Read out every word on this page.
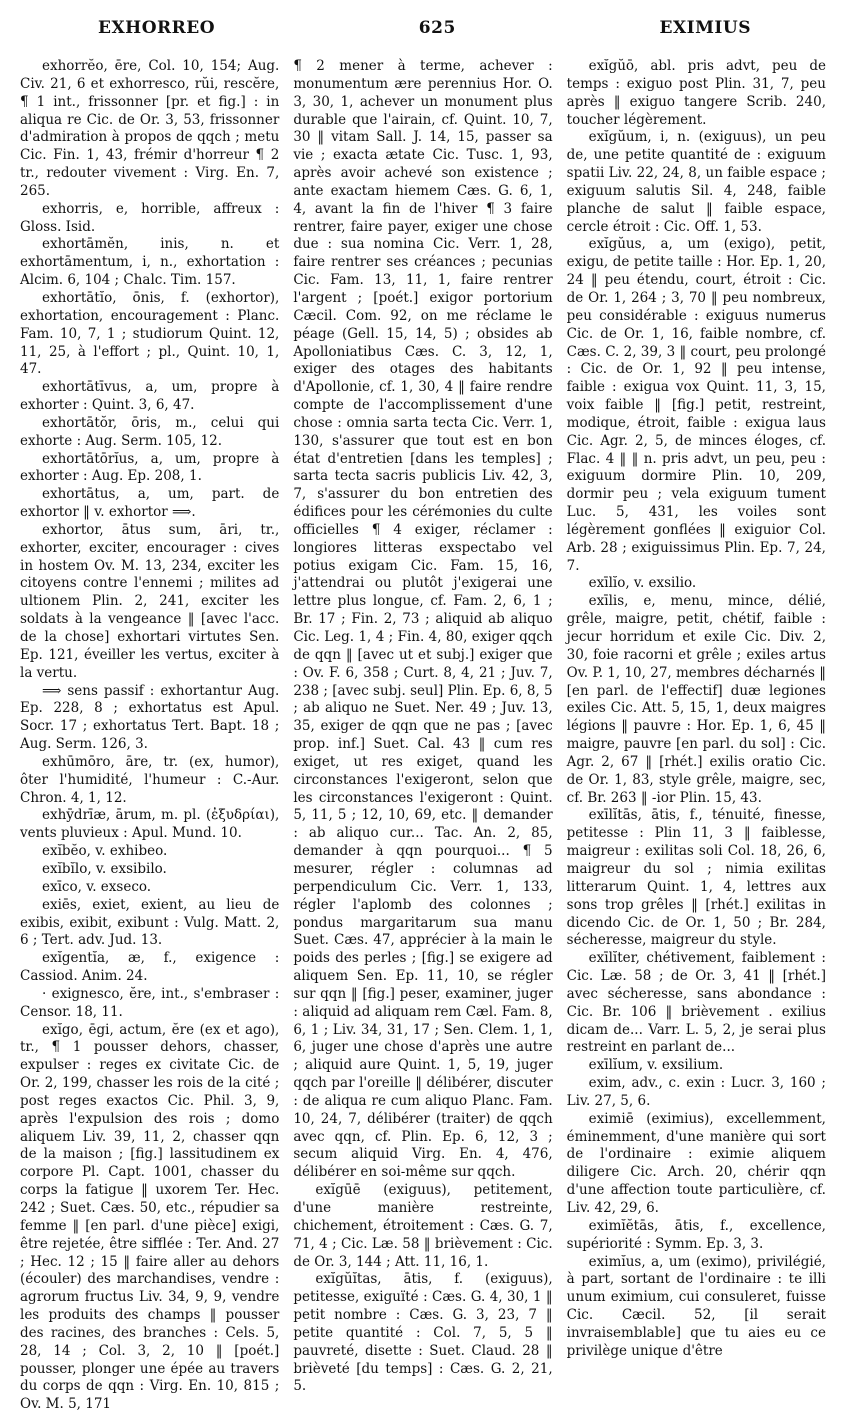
EXHORREO	625	EXIMIUS

exhorrĕo, ēre, Col. 10, 154; Aug. Civ. 21, 6 et exhorresco, rŭi, rescĕre, ¶ 1 int., frissonner [pr. et fig.] : in aliqua re Cic. de Or. 3, 53, frissonner d'admiration à propos de qqch ; metu Cic. Fin. 1, 43, frémir d'horreur ¶ 2 tr., redouter vivement : Virg. En. 7, 265.

exhorris, e, horrible, affreux : Gloss. Isid.

exhortāmĕn, inis, n. et exhortāmentum, i, n., exhortation : Alcim. 6, 104 ; Chalc. Tim. 157.

exhortātĭo, ōnis, f. (exhortor), exhortation, encouragement : Planc. Fam. 10, 7, 1 ; studiorum Quint. 12, 11, 25, à l'effort ; pl., Quint. 10, 1, 47.

exhortātīvus, a, um, propre à exhorter : Quint. 3, 6, 47.

exhortātŏr, ōris, m., celui qui exhorte : Aug. Serm. 105, 12.

exhortātōrĭus, a, um, propre à exhorter : Aug. Ep. 208, 1.

exhortātus, a, um, part. de exhortor ‖ v. exhortor ⟹.

exhortor, ātus sum, āri, tr., exhorter, exciter, encourager : cives in hostem Ov. M. 13, 234, exciter les citoyens contre l'ennemi ; milites ad ultionem Plin. 2, 241, exciter les soldats à la vengeance ‖ [avec l'acc. de la chose] exhortari virtutes Sen. Ep. 121, éveiller les vertus, exciter à la vertu.

⟹ sens passif : exhortantur Aug. Ep. 228, 8 ; exhortatus est Apul. Socr. 17 ; exhortatus Tert. Bapt. 18 ; Aug. Serm. 126, 3.

exhūmōro, āre, tr. (ex, humor), ôter l'humidité, l'humeur : C.-Aur. Chron. 4, 1, 12.

exhȳdrīæ, ārum, m. pl. (ἐξυδρίαι), vents pluvieux : Apul. Mund. 10.

exĭbĕo, v. exhibeo.

exĭbĭlo, v. exsibilo.

exīco, v. exseco.

exiēs, exiet, exient, au lieu de exibis, exibit, exibunt : Vulg. Matt. 2, 6 ; Tert. adv. Jud. 13.

exĭgentĭa, æ, f., exigence : Cassiod. Anim. 24.

· exignesco, ĕre, int., s'embraser : Censor. 18, 11.

exĭgo, ēgi, actum, ĕre (ex et ago), tr., ¶ 1 pousser dehors, chasser, expulser : reges ex civitate Cic. de Or. 2, 199, chasser les rois de la cité ; post reges exactos Cic. Phil. 3, 9, après l'expulsion des rois ; domo aliquem Liv. 39, 11, 2, chasser qqn de la maison ; [fig.] lassitudinem ex corpore Pl. Capt. 1001, chasser du corps la fatigue ‖ uxorem Ter. Hec. 242 ; Suet. Cæs. 50, etc., répudier sa femme ‖ [en parl. d'une pièce] exigi, être rejetée, être sifflée : Ter. And. 27 ; Hec. 12 ; 15 ‖ faire aller au dehors (écouler) des marchandises, vendre : agrorum fructus Liv. 34, 9, 9, vendre les produits des champs ‖ pousser des racines, des branches : Cels. 5, 28, 14 ; Col. 3, 2, 10 ‖ [poét.] pousser, plonger une épée au travers du corps de qqn : Virg. En. 10, 815 ; Ov. M. 5, 171

¶ 2 mener à terme, achever : monumentum ære perennius Hor. O. 3, 30, 1, achever un monument plus durable que l'airain, cf. Quint. 10, 7, 30 ‖ vitam Sall. J. 14, 15, passer sa vie ; exacta ætate Cic. Tusc. 1, 93, après avoir achevé son existence ; ante exactam hiemem Cæs. G. 6, 1, 4, avant la fin de l'hiver ¶ 3 faire rentrer, faire payer, exiger une chose due : sua nomina Cic. Verr. 1, 28, faire rentrer ses créances ; pecunias Cic. Fam. 13, 11, 1, faire rentrer l'argent ; [poét.] exigor portorium Cæcil. Com. 92, on me réclame le péage (Gell. 15, 14, 5) ; obsides ab Apolloniatibus Cæs. C. 3, 12, 1, exiger des otages des habitants d'Apollonie, cf. 1, 30, 4 ‖ faire rendre compte de l'accomplissement d'une chose : omnia sarta tecta Cic. Verr. 1, 130, s'assurer que tout est en bon état d'entretien [dans les temples] ; sarta tecta sacris publicis Liv. 42, 3, 7, s'assurer du bon entretien des édifices pour les cérémonies du culte officielles ¶ 4 exiger, réclamer : longiores litteras exspectabo vel potius exigam Cic. Fam. 15, 16, j'attendrai ou plutôt j'exigerai une lettre plus longue, cf. Fam. 2, 6, 1 ; Br. 17 ; Fin. 2, 73 ; aliquid ab aliquo Cic. Leg. 1, 4 ; Fin. 4, 80, exiger qqch de qqn ‖ [avec ut et subj.] exiger que : Ov. F. 6, 358 ; Curt. 8, 4, 21 ; Juv. 7, 238 ; [avec subj. seul] Plin. Ep. 6, 8, 5 ; ab aliquo ne Suet. Ner. 49 ; Juv. 13, 35, exiger de qqn que ne pas ; [avec prop. inf.] Suet. Cal. 43 ‖ cum res exiget, ut res exiget, quand les circonstances l'exigeront, selon que les circonstances l'exigeront : Quint. 5, 11, 5 ; 12, 10, 69, etc. ‖ demander : ab aliquo cur... Tac. An. 2, 85, demander à qqn pourquoi... ¶ 5 mesurer, régler : columnas ad perpendiculum Cic. Verr. 1, 133, régler l'aplomb des colonnes ; pondus margaritarum sua manu Suet. Cæs. 47, apprécier à la main le poids des perles ; [fig.] se exigere ad aliquem Sen. Ep. 11, 10, se régler sur qqn ‖ [fig.] peser, examiner, juger : aliquid ad aliquam rem Cæl. Fam. 8, 6, 1 ; Liv. 34, 31, 17 ; Sen. Clem. 1, 1, 6, juger une chose d'après une autre ; aliquid aure Quint. 1, 5, 19, juger qqch par l'oreille ‖ délibérer, discuter : de aliqua re cum aliquo Planc. Fam. 10, 24, 7, délibérer (traiter) de qqch avec qqn, cf. Plin. Ep. 6, 12, 3 ; secum aliquid Virg. En. 4, 476, délibérer en soi-même sur qqch.

exĭgūē (exiguus), petitement, d'une manière restreinte, chichement, étroitement : Cæs. G. 7, 71, 4 ; Cic. Læ. 58 ‖ brièvement : Cic. de Or. 3, 144 ; Att. 11, 16, 1.

exĭgŭĭtas, ātis, f. (exiguus), petitesse, exiguïté : Cæs. G. 4, 30, 1 ‖ petit nombre : Cæs. G. 3, 23, 7 ‖ petite quantité : Col. 7, 5, 5 ‖ pauvreté, disette : Suet. Claud. 28 ‖ brièveté [du temps] : Cæs. G. 2, 21, 5.

exĭgŭō, abl. pris advt, peu de temps : exiguo post Plin. 31, 7, peu après ‖ exiguo tangere Scrib. 240, toucher légèrement.

exĭgŭum, i, n. (exiguus), un peu de, une petite quantité de : exiguum spatii Liv. 22, 24, 8, un faible espace ; exiguum salutis Sil. 4, 248, faible planche de salut ‖ faible espace, cercle étroit : Cic. Off. 1, 53.

exĭgŭus, a, um (exigo), petit, exigu, de petite taille : Hor. Ep. 1, 20, 24 ‖ peu étendu, court, étroit : Cic. de Or. 1, 264 ; 3, 70 ‖ peu nombreux, peu considérable : exiguus numerus Cic. de Or. 1, 16, faible nombre, cf. Cæs. C. 2, 39, 3 ‖ court, peu prolongé : Cic. de Or. 1, 92 ‖ peu intense, faible : exigua vox Quint. 11, 3, 15, voix faible ‖ [fig.] petit, restreint, modique, étroit, faible : exigua laus Cic. Agr. 2, 5, de minces éloges, cf. Flac. 4 ‖ ‖ n. pris advt, un peu, peu : exiguum dormire Plin. 10, 209, dormir peu ; vela exiguum tument Luc. 5, 431, les voiles sont légèrement gonflées ‖ exiguior Col. Arb. 28 ; exiguissimus Plin. Ep. 7, 24, 7.

exīlĭo, v. exsilio.

exīlis, e, menu, mince, délié, grêle, maigre, petit, chétif, faible : jecur horridum et exile Cic. Div. 2, 30, foie racorni et grêle ; exiles artus Ov. P. 1, 10, 27, membres décharnés ‖ [en parl. de l'effectif] duæ legiones exiles Cic. Att. 5, 15, 1, deux maigres légions ‖ pauvre : Hor. Ep. 1, 6, 45 ‖ maigre, pauvre [en parl. du sol] : Cic. Agr. 2, 67 ‖ [rhét.] exilis oratio Cic. de Or. 1, 83, style grêle, maigre, sec, cf. Br. 263 ‖ -ior Plin. 15, 43.

exīlĭtās, ātis, f., ténuité, finesse, petitesse : Plin 11, 3 ‖ faiblesse, maigreur : exilitas soli Col. 18, 26, 6, maigreur du sol ; nimia exilitas litterarum Quint. 1, 4, lettres aux sons trop grêles ‖ [rhét.] exilitas in dicendo Cic. de Or. 1, 50 ; Br. 284, sécheresse, maigreur du style.

exīlĭter, chétivement, faiblement : Cic. Læ. 58 ; de Or. 3, 41 ‖ [rhét.] avec sécheresse, sans abondance : Cic. Br. 106 ‖ brièvement . exilius dicam de... Varr. L. 5, 2, je serai plus restreint en parlant de...

exīlĭum, v. exsilium.

exim, adv., c. exin : Lucr. 3, 160 ; Liv. 27, 5, 6.

eximiē (eximius), excellemment, éminemment, d'une manière qui sort de l'ordinaire : eximie aliquem diligere Cic. Arch. 20, chérir qqn d'une affection toute particulière, cf. Liv. 42, 29, 6.

eximĭĕtās, ātis, f., excellence, supériorité : Symm. Ep. 3, 3.

eximĭus, a, um (eximo), privilégié, à part, sortant de l'ordinaire : te illi unum eximium, cui consuleret, fuisse Cic. Cæcil. 52, [il serait invraisemblable] que tu aies eu ce privilège unique d'être
